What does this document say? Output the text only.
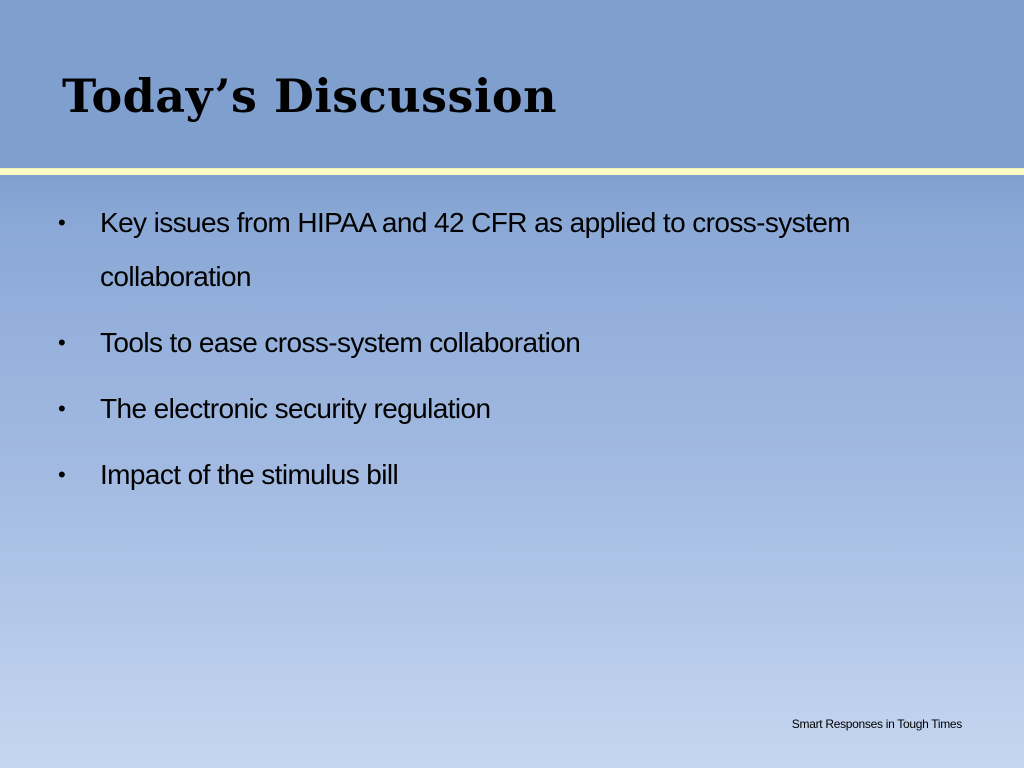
Today’s Discussion
• Key issues from HIPAA and 42 CFR as applied to cross-system collaboration
• Tools to ease cross-system collaboration
• The electronic security regulation
• Impact of the stimulus bill
Smart Responses in Tough Times
